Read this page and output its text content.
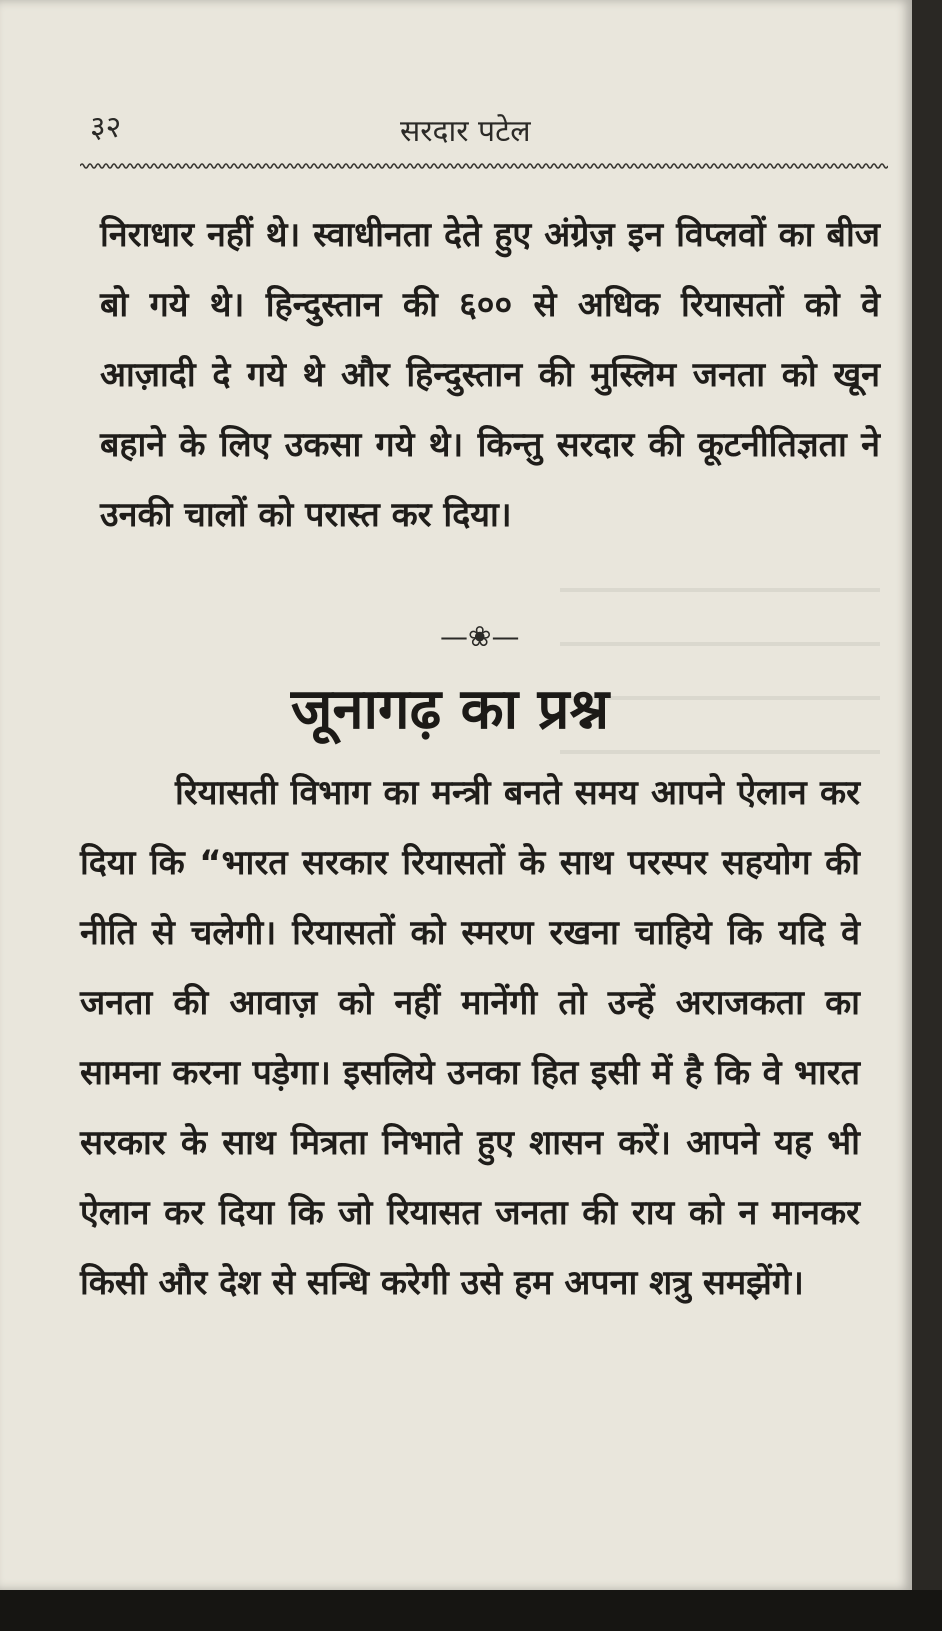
३२	सरदार पटेल
निराधार नहीं थे। स्वाधीनता देते हुए अंग्रेज़ इन विप्लवों का बीज बो गये थे। हिन्दुस्तान की ६०० से अधिक रियासतों को वे आज़ादी दे गये थे और हिन्दुस्तान की मुस्लिम जनता को खून बहाने के लिए उकसा गये थे। किन्तु सरदार की कूटनीतिज्ञता ने उनकी चालों को परास्त कर दिया।
—❀—
जूनागढ़ का प्रश्न
रियासती विभाग का मन्त्री बनते समय आपने ऐलान कर दिया कि “भारत सरकार रियासतों के साथ परस्पर सहयोग की नीति से चलेगी। रियासतों को स्मरण रखना चाहिये कि यदि वे जनता की आवाज़ को नहीं मानेंगी तो उन्हें अराजकता का सामना करना पड़ेगा। इसलिये उनका हित इसी में है कि वे भारत सरकार के साथ मित्रता निभाते हुए शासन करें। आपने यह भी ऐलान कर दिया कि जो रियासत जनता की राय को न मानकर किसी और देश से सन्धि करेगी उसे हम अपना शत्रु समझेंगे।
